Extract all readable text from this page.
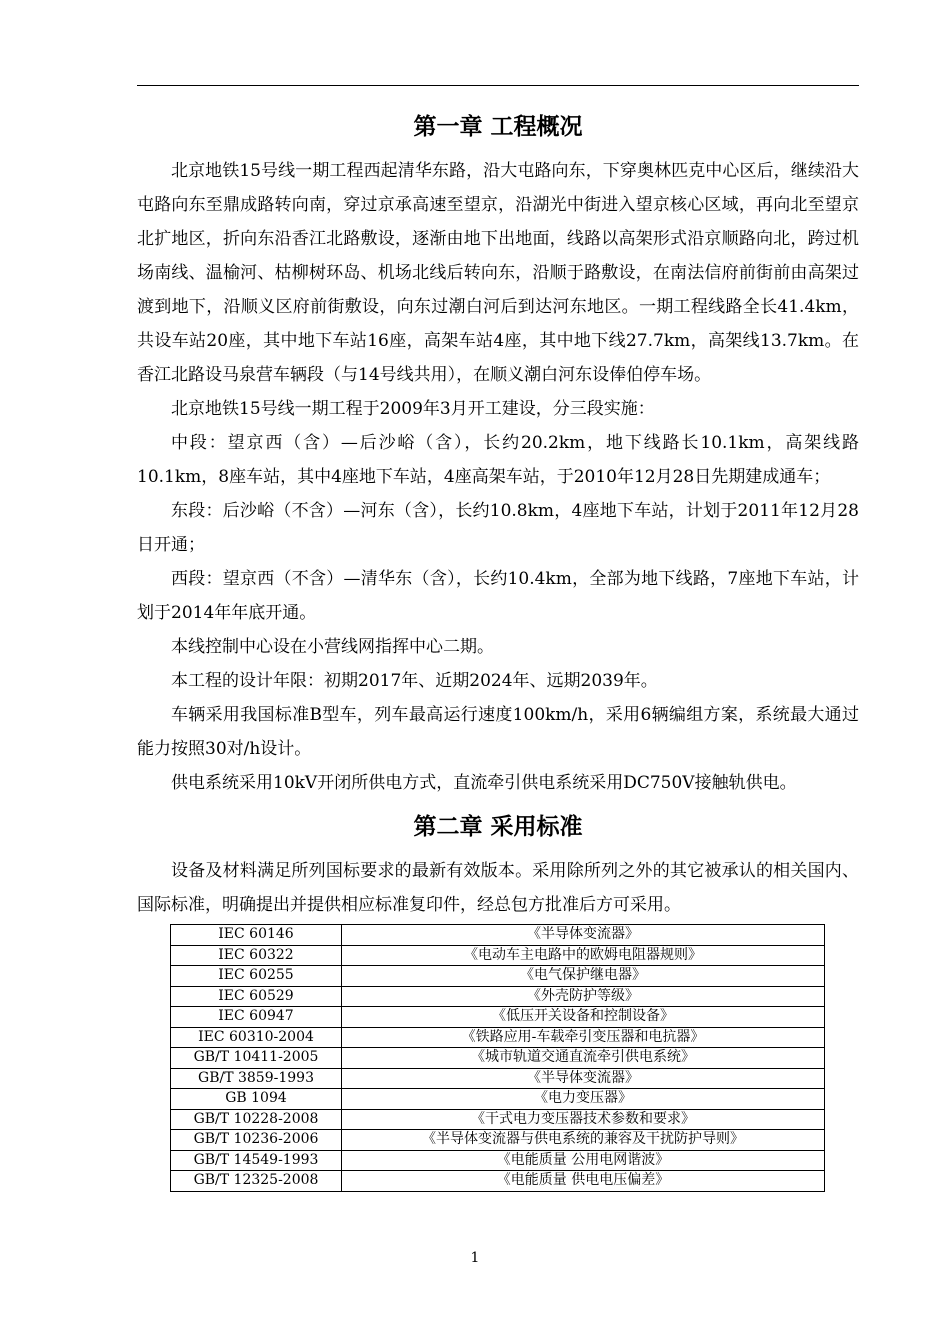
第一章 工程概况

北京地铁15号线一期工程西起清华东路，沿大屯路向东，下穿奥林匹克中心区后，继续沿大屯路向东至鼎成路转向南，穿过京承高速至望京，沿湖光中街进入望京核心区域，再向北至望京北扩地区，折向东沿香江北路敷设，逐渐由地下出地面，线路以高架形式沿京顺路向北，跨过机场南线、温榆河、枯柳树环岛、机场北线后转向东，沿顺于路敷设，在南法信府前街前由高架过渡到地下，沿顺义区府前街敷设，向东过潮白河后到达河东地区。一期工程线路全长41.4km，共设车站20座，其中地下车站16座，高架车站4座，其中地下线27.7km，高架线13.7km。在香江北路设马泉营车辆段（与14号线共用），在顺义潮白河东设俸伯停车场。

北京地铁15号线一期工程于2009年3月开工建设，分三段实施：

中段：望京西（含）—后沙峪（含），长约20.2km，地下线路长10.1km，高架线路10.1km，8座车站，其中4座地下车站，4座高架车站，于2010年12月28日先期建成通车；

东段：后沙峪（不含）—河东（含），长约10.8km，4座地下车站，计划于2011年12月28日开通；

西段：望京西（不含）—清华东（含），长约10.4km，全部为地下线路，7座地下车站，计划于2014年年底开通。

本线控制中心设在小营线网指挥中心二期。

本工程的设计年限：初期2017年、近期2024年、远期2039年。

车辆采用我国标准B型车，列车最高运行速度100km/h，采用6辆编组方案，系统最大通过能力按照30对/h设计。

供电系统采用10kV开闭所供电方式，直流牵引供电系统采用DC750V接触轨供电。

第二章 采用标准

设备及材料满足所列国标要求的最新有效版本。采用除所列之外的其它被承认的相关国内、国际标准，明确提出并提供相应标准复印件，经总包方批准后方可采用。

IEC 60146	《半导体变流器》
IEC 60322	《电动车主电路中的欧姆电阻器规则》
IEC 60255	《电气保护继电器》
IEC 60529	《外壳防护等级》
IEC 60947	《低压开关设备和控制设备》
IEC 60310-2004	《铁路应用-车载牵引变压器和电抗器》
GB/T 10411-2005	《城市轨道交通直流牵引供电系统》
GB/T 3859-1993	《半导体变流器》
GB 1094	《电力变压器》
GB/T 10228-2008	《干式电力变压器技术参数和要求》
GB/T 10236-2006	《半导体变流器与供电系统的兼容及干扰防护导则》
GB/T 14549-1993	《电能质量 公用电网谐波》
GB/T 12325-2008	《电能质量 供电电压偏差》
1
